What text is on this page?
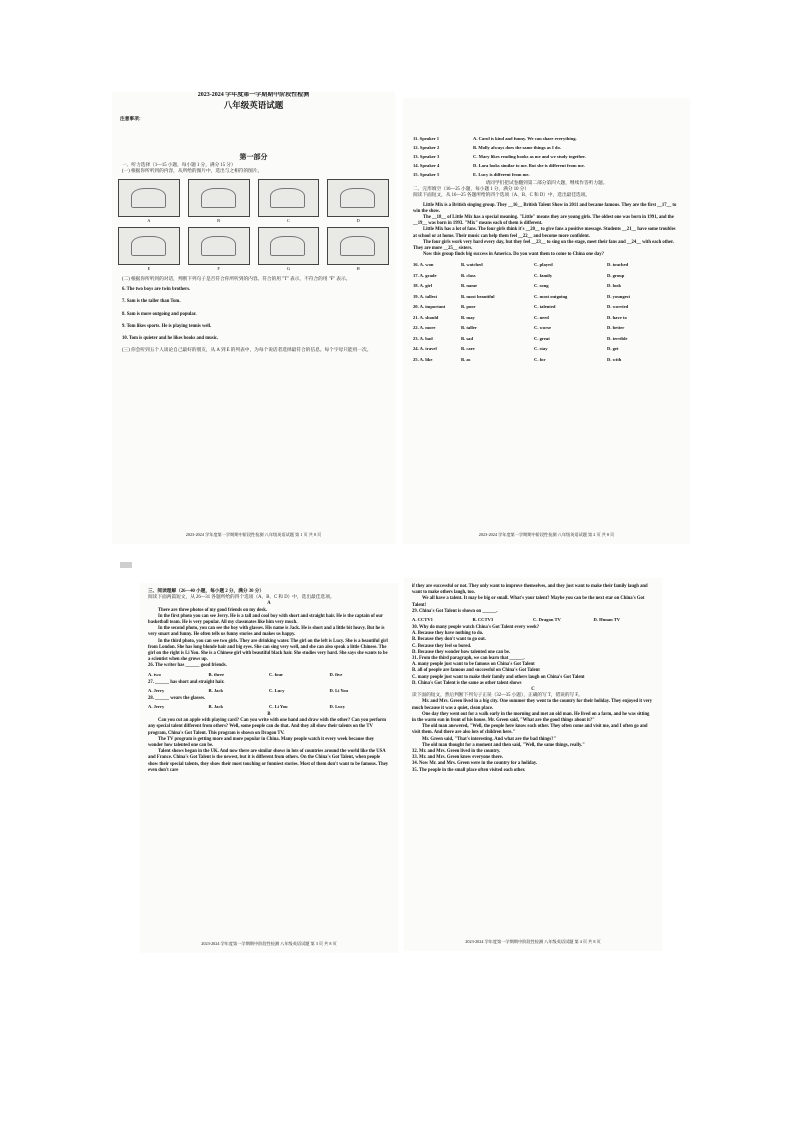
2023-2024 学年度第一学期期中阶段性检测

八年级英语试题

注意事项：

第一部分

一、听力选择（1—15 小题，每小题 1 分，满分 15 分）

(一) 根据你所听到的内容，从所给的图片中，选出与之相符的图片。

A	B	C	D
E	F	G	H

(二) 根据你所听到的对话，判断下列句子是否符合你所听到的内容。符合的用 "T" 表示，不符合的用 "F" 表示。

6. The two boys are twin brothers.

7. Sam is the taller than Tom.

8. Sam is more outgoing and popular.

9. Tom likes sports. He is playing tennis well.

10. Tom is quieter and he likes books and music.

(三) 你会听到五个人谈论自己最好的朋友，从 A 到 E 的列表中，为每个说话者选择最符合的信息。每个字母只能用一次。

2023-2024 学年度第一学期期中阶段性检测 八年级英语试题 第 1 页 共 8 页
11. Speaker 1	A. Carol is kind and funny. We can share everything.
12. Speaker 2	B. Molly always does the same things as I do.
13. Speaker 3	C. Mary likes reading books as me and we study together.
14. Speaker 4	D. Lara looks similar to me. But she is different from me.
15. Speaker 5	E. Lucy is different from me.

请同学们把试卷翻到第二部分第四大题，继续作答听力题。

二、完形填空（16—25 小题，每小题 1 分，满分 10 分）

阅读下面短文，从 16—25 各题所给的四个选项（A、B、C 和 D）中，选出最佳选项。

Little Mix is a British singing group. They __16__ British Talent Show in 2011 and became famous. They are the first __17__ to win the show.

The __18__ of Little Mix has a special meaning. "Little" means they are young girls. The oldest one was born in 1991, and the __19__ was born in 1993. "Mix" means each of them is different.

Little Mix has a lot of fans. The four girls think it's __20__ to give fans a positive message. Students __21__ have some troubles at school or at home. Their music can help them feel __22__ and become more confident.

The four girls work very hard every day, but they feel __23__ to sing on the stage, meet their fans and __24__ with each other. They are more __25__ sisters.

Now this group finds big success in America. Do you want them to come to China one day?

16. A. won	B. watched	C. played	D. touched
17. A. grade	B. class	C. family	D. group
18. A. girl	B. name	C. song	D. look
19. A. tallest	B. most beautiful	C. most outgoing	D. youngest
20. A. important	B. poor	C. talented	D. worried
21. A. should	B. may	C. need	D. have to
22. A. more	B. taller	C. worse	D. better
23. A. bad	B. sad	C. great	D. terrible
24. A. travel	B. care	C. stay	D. get
25. A. like	B. as	C. for	D. with
2023-2024 学年度第一学期期中阶段性检测 八年级英语试题 第 2 页 共 8 页

三、阅读理解（26—40 小题，每小题 2 分，满分 30 分）

阅读下面两篇短文，从 26—31 各题所给的四个选项（A、B、C 和 D）中，选出最佳选项。

A

There are three photos of my good friends on my desk.

In the first photo you can see Jerry. He is a tall and cool boy with short and straight hair. He is the captain of our basketball team. He is very popular. All my classmates like him very much.

In the second photo, you can see the boy with glasses. His name is Jack. He is short and a little bit heavy. But he is very smart and funny. He often tells us funny stories and makes us happy.

In the third photo, you can see two girls. They are drinking water. The girl on the left is Lucy. She is a beautiful girl from London. She has long blonde hair and big eyes. She can sing very well, and she can also speak a little Chinese. The girl on the right is Li You. She is a Chinese girl with beautiful black hair. She studies very hard. She says she wants to be a scientist when she grows up.

26. The writer has ______ good friends.

A. two	B. three	C. four	D. five

27. ______ has short and straight hair.

A. Jerry	B. Jack	C. Lucy	D. Li You

28. ______ wears the glasses.

A. Jerry	B. Jack	C. Li You	D. Lucy

B

Can you cut an apple with playing card? Can you write with one hand and draw with the other? Can you perform any special talent different from others? Well, some people can do that. And they all show their talents on the TV program, China's Got Talent. This program is shown on Dragon TV.

The TV program is getting more and more popular in China. Many people watch it every week because they wonder how talented one can be.

Talent shows began in the UK. And now there are similar shows in lots of countries around the world like the USA and France. China's Got Talent is the newest, but it is different from others. On the China's Got Talent, when people show their special talents, they show their most touching or funniest stories. Most of them don't want to be famous. They even don't care

2023-2024 学年度第一学期期中阶段性检测 八年级英语试题 第 3 页 共 8 页

if they are successful or not. They only want to improve themselves, and they just want to make their family laugh and want to make others laugh, too.

We all have a talent. It may be big or small. What's your talent? Maybe you can be the next star on China's Got Talent!

29. China's Got Talent is shown on ______.

A. CCTV1	B. CCTV3	C. Dragon TV	D. Hunan TV

30. Why do many people watch China's Got Talent every week?

A. Because they have nothing to do.

B. Because they don't want to go out.

C. Because they feel so bored.

D. Because they wonder how talented one can be.

31. From the third paragraph, we can learn that ______.

A. many people just want to be famous on China's Got Talent

B. all of people are famous and successful on China's Got Talent

C. many people just want to make their family and others laugh on China's Got Talent

D. China's Got Talent is the same as other talent shows

C

读下面的短文，然后判断下列句子正误（32—35 小题），正确的写 T，错误的写 F。

Mr. and Mrs. Green lived in a big city. One summer they went to the country for their holiday. They enjoyed it very much because it was a quiet, clean place.

One day they went out for a walk early in the morning and met an old man. He lived on a farm, and he was sitting in the warm sun in front of his house. Mr. Green said, "What are the good things about it?"

The old man answered, "Well, the people here know each other. They often come and visit me, and I often go and visit them. And there are also lots of children here."

Mr. Green said, "That's interesting. And what are the bad things?"

The old man thought for a moment and then said, "Well, the same things, really."

32. Mr. and Mrs. Green lived in the country.

33. Mr. and Mrs. Green knew everyone there.

34. Now Mr. and Mrs. Green were in the country for a holiday.

35. The people in the small place often visited each other.

2023-2024 学年度第一学期期中阶段性检测 八年级英语试题 第 4 页 共 8 页
